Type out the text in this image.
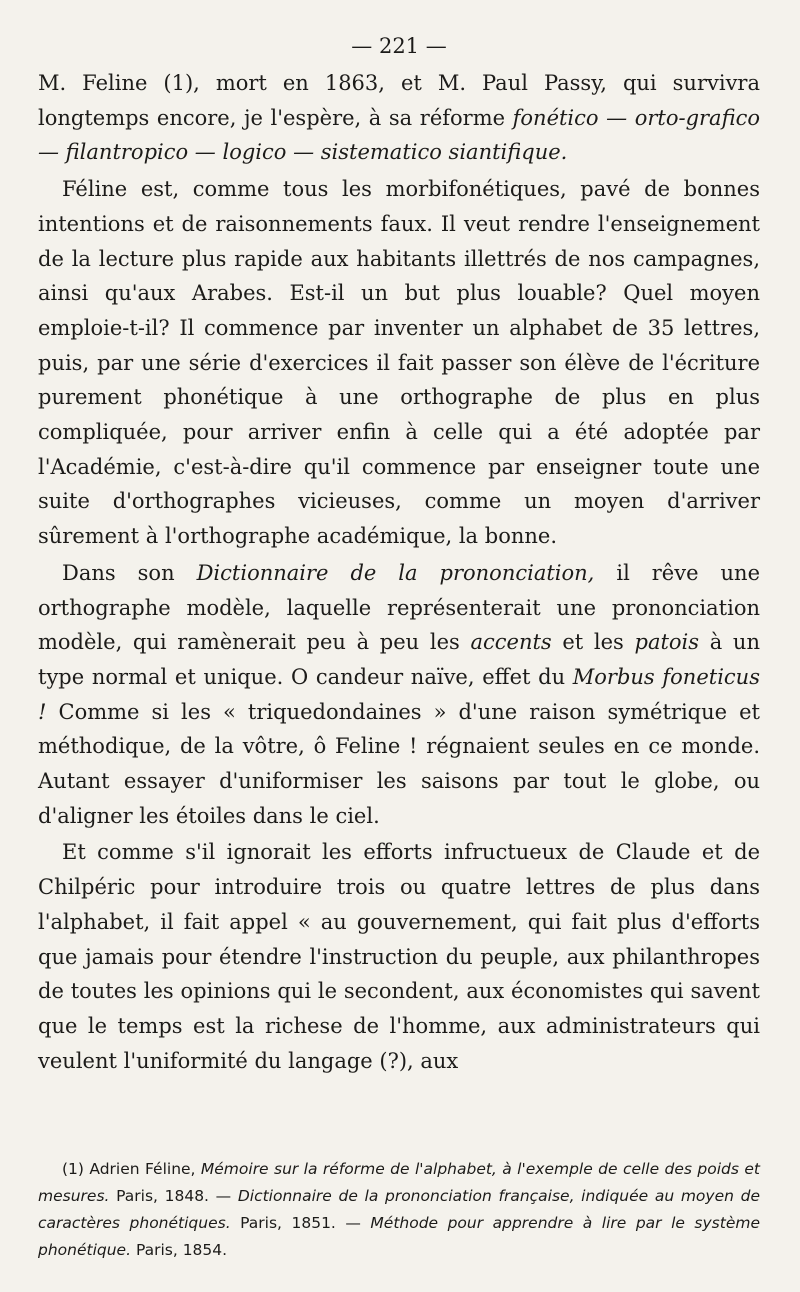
— 221 —

M. Feline (1), mort en 1863, et M. Paul Passy, qui survivra longtemps encore, je l'espère, à sa réforme fonético — orto-grafico — filantropico — logico — sistematico siantifique.

Féline est, comme tous les morbifonétiques, pavé de bonnes intentions et de raisonnements faux. Il veut rendre l'enseignement de la lecture plus rapide aux habitants illettrés de nos campagnes, ainsi qu'aux Arabes. Est-il un but plus louable? Quel moyen emploie-t-il? Il commence par inventer un alphabet de 35 lettres, puis, par une série d'exercices il fait passer son élève de l'écriture purement phonétique à une orthographe de plus en plus compliquée, pour arriver enfin à celle qui a été adoptée par l'Académie, c'est-à-dire qu'il commence par enseigner toute une suite d'orthographes vicieuses, comme un moyen d'arriver sûrement à l'orthographe académique, la bonne.

Dans son Dictionnaire de la prononciation, il rêve une orthographe modèle, laquelle représenterait une prononciation modèle, qui ramènerait peu à peu les accents et les patois à un type normal et unique. O candeur naïve, effet du Morbus foneticus ! Comme si les « triquedondaines » d'une raison symétrique et méthodique, de la vôtre, ô Feline ! régnaient seules en ce monde. Autant essayer d'uniformiser les saisons par tout le globe, ou d'aligner les étoiles dans le ciel.

Et comme s'il ignorait les efforts infructueux de Claude et de Chilpéric pour introduire trois ou quatre lettres de plus dans l'alphabet, il fait appel « au gouvernement, qui fait plus d'efforts que jamais pour étendre l'instruction du peuple, aux philanthropes de toutes les opinions qui le secondent, aux économistes qui savent que le temps est la richese de l'homme, aux administrateurs qui veulent l'uniformité du langage (?), aux

(1) Adrien Féline, Mémoire sur la réforme de l'alphabet, à l'exemple de celle des poids et mesures. Paris, 1848. — Dictionnaire de la prononciation française, indiquée au moyen de caractères phonétiques. Paris, 1851. — Méthode pour apprendre à lire par le système phonétique. Paris, 1854.
